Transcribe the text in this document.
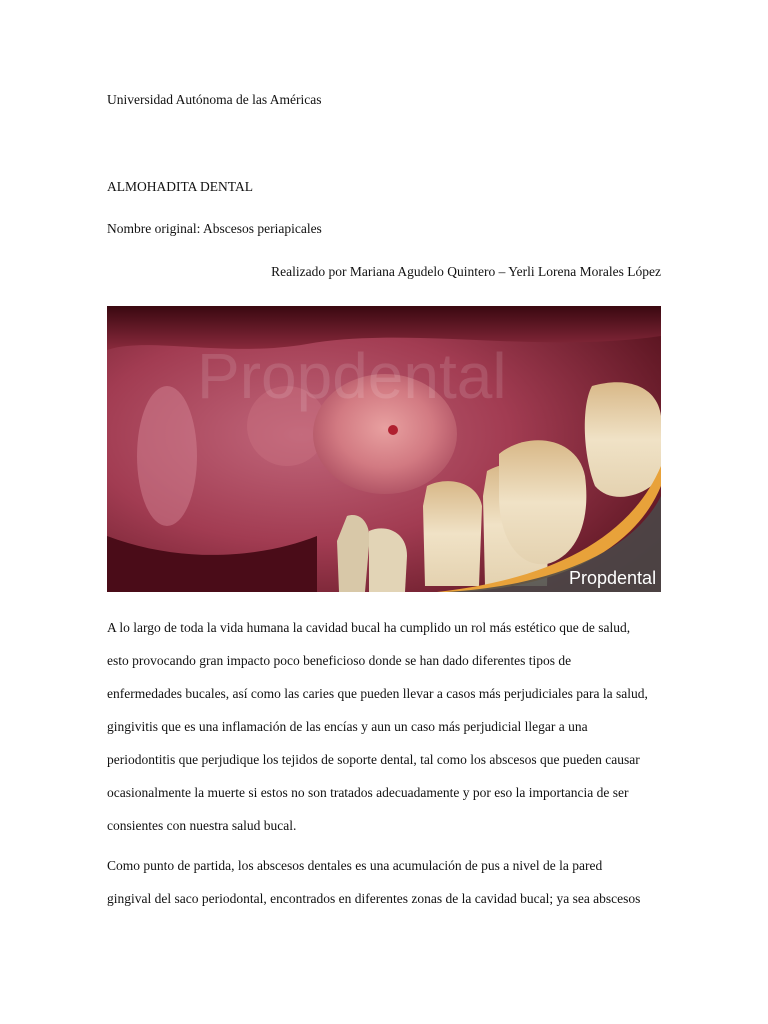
Universidad Autónoma de las Américas
ALMOHADITA DENTAL
Nombre original: Abscesos periapicales
Realizado por Mariana Agudelo Quintero – Yerli Lorena Morales López
Propdental
Propdental
A lo largo de toda la vida humana la cavidad bucal ha cumplido un rol más estético que de salud,
esto provocando gran impacto poco beneficioso donde se han dado diferentes tipos de
enfermedades bucales, así como las caries que pueden llevar a casos más perjudiciales para la salud,
gingivitis que es una inflamación de las encías y aun un caso más perjudicial llegar a una
periodontitis que perjudique los tejidos de soporte dental, tal como los abscesos que pueden causar
ocasionalmente la muerte si estos no son tratados adecuadamente y por eso la importancia de ser
consientes con nuestra salud bucal.
Como punto de partida, los abscesos dentales es una acumulación de pus a nivel de la pared
gingival del saco periodontal, encontrados en diferentes zonas de la cavidad bucal; ya sea abscesos
